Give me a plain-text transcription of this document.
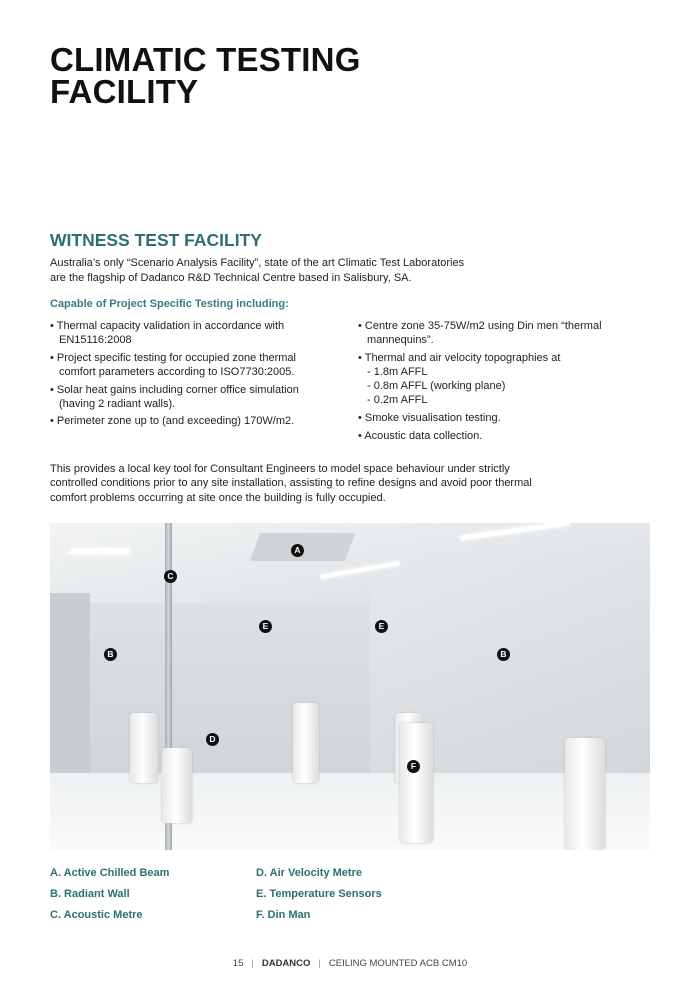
CLIMATIC TESTING
FACILITY
WITNESS TEST FACILITY
Australia’s only “Scenario Analysis Facility”, state of the art Climatic Test Laboratories
are the flagship of Dadanco R&D Technical Centre based in Salisbury, SA.
Capable of Project Specific Testing including:
• Thermal capacity validation in accordance with
EN15116:2008
• Project specific testing for occupied zone thermal
comfort parameters according to ISO7730:2005.
• Solar heat gains including corner office simulation
(having 2 radiant walls).
• Perimeter zone up to (and exceeding) 170W/m2.
• Centre zone 35-75W/m2 using Din men “thermal
mannequins”.
• Thermal and air velocity topographies at
- 1.8m AFFL
- 0.8m AFFL (working plane)
- 0.2m AFFL
• Smoke visualisation testing.
• Acoustic data collection.
This provides a local key tool for Consultant Engineers to model space behaviour under strictly
controlled conditions prior to any site installation, assisting to refine designs and avoid poor thermal
comfort problems occurring at site once the building is fully occupied.
A
C
E	E
B	B
D
F
A. Active Chilled Beam
B. Radiant Wall
C. Acoustic Metre
D. Air Velocity Metre
E. Temperature Sensors
F. Din Man
15 | DADANCO | CEILING MOUNTED ACB CM10
